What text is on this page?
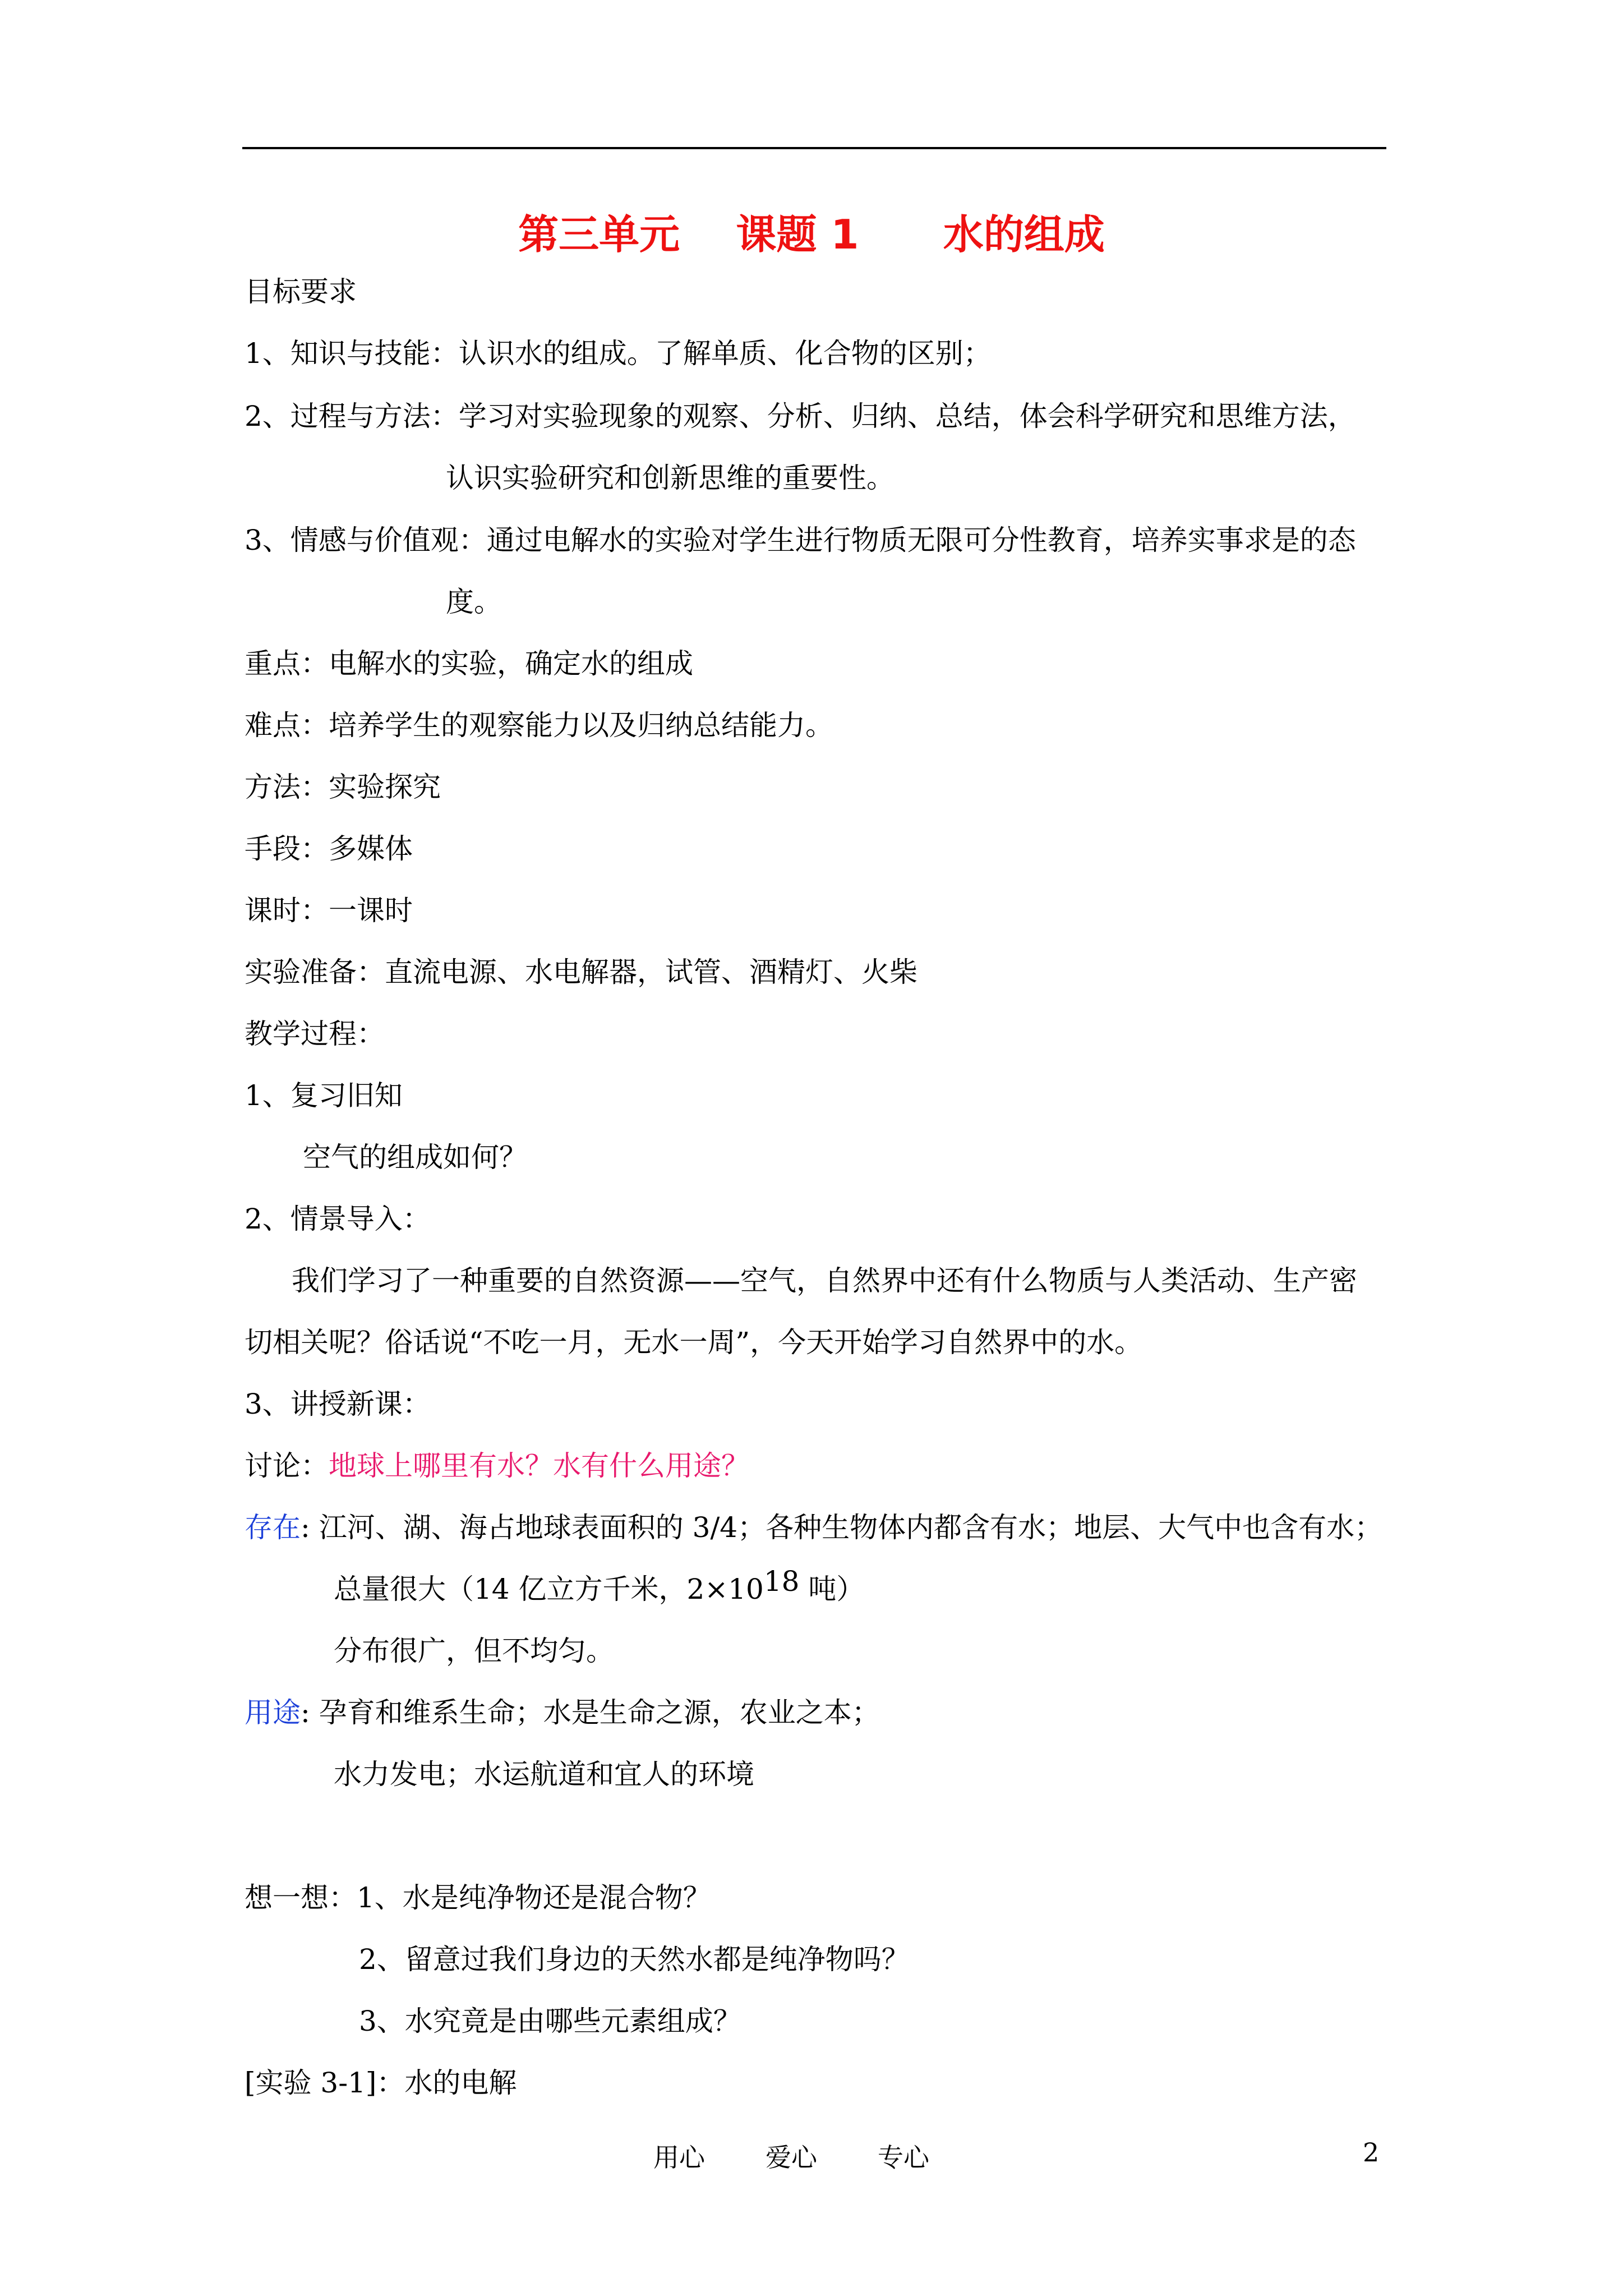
第三单元    课题 1      水的组成
目标要求
1、知识与技能：认识水的组成。了解单质、化合物的区别；
2、过程与方法：学习对实验现象的观察、分析、归纳、总结，体会科学研究和思维方法，
认识实验研究和创新思维的重要性。
3、情感与价值观：通过电解水的实验对学生进行物质无限可分性教育，培养实事求是的态
度。
重点：电解水的实验，确定水的组成
难点：培养学生的观察能力以及归纳总结能力。
方法：实验探究
手段：多媒体
课时：一课时
实验准备：直流电源、水电解器，试管、酒精灯、火柴
教学过程：
1、复习旧知
空气的组成如何？
2、情景导入：
我们学习了一种重要的自然资源——空气，自然界中还有什么物质与人类活动、生产密
切相关呢？俗话说“不吃一月，无水一周”，今天开始学习自然界中的水。
3、讲授新课：
讨论：地球上哪里有水？水有什么用途？
存在: 江河、湖、海占地球表面积的 3/4；各种生物体内都含有水；地层、大气中也含有水；
总量很大（14 亿立方千米，$2\times 10^{18}$ 吨）
分布很广，但不均匀。
用途: 孕育和维系生命；水是生命之源，农业之本；
水力发电；水运航道和宜人的环境
想一想：1、水是纯净物还是混合物？
2、留意过我们身边的天然水都是纯净物吗？
3、水究竟是由哪些元素组成？
[实验 3-1]：水的电解
用心 爱心 专心	2
